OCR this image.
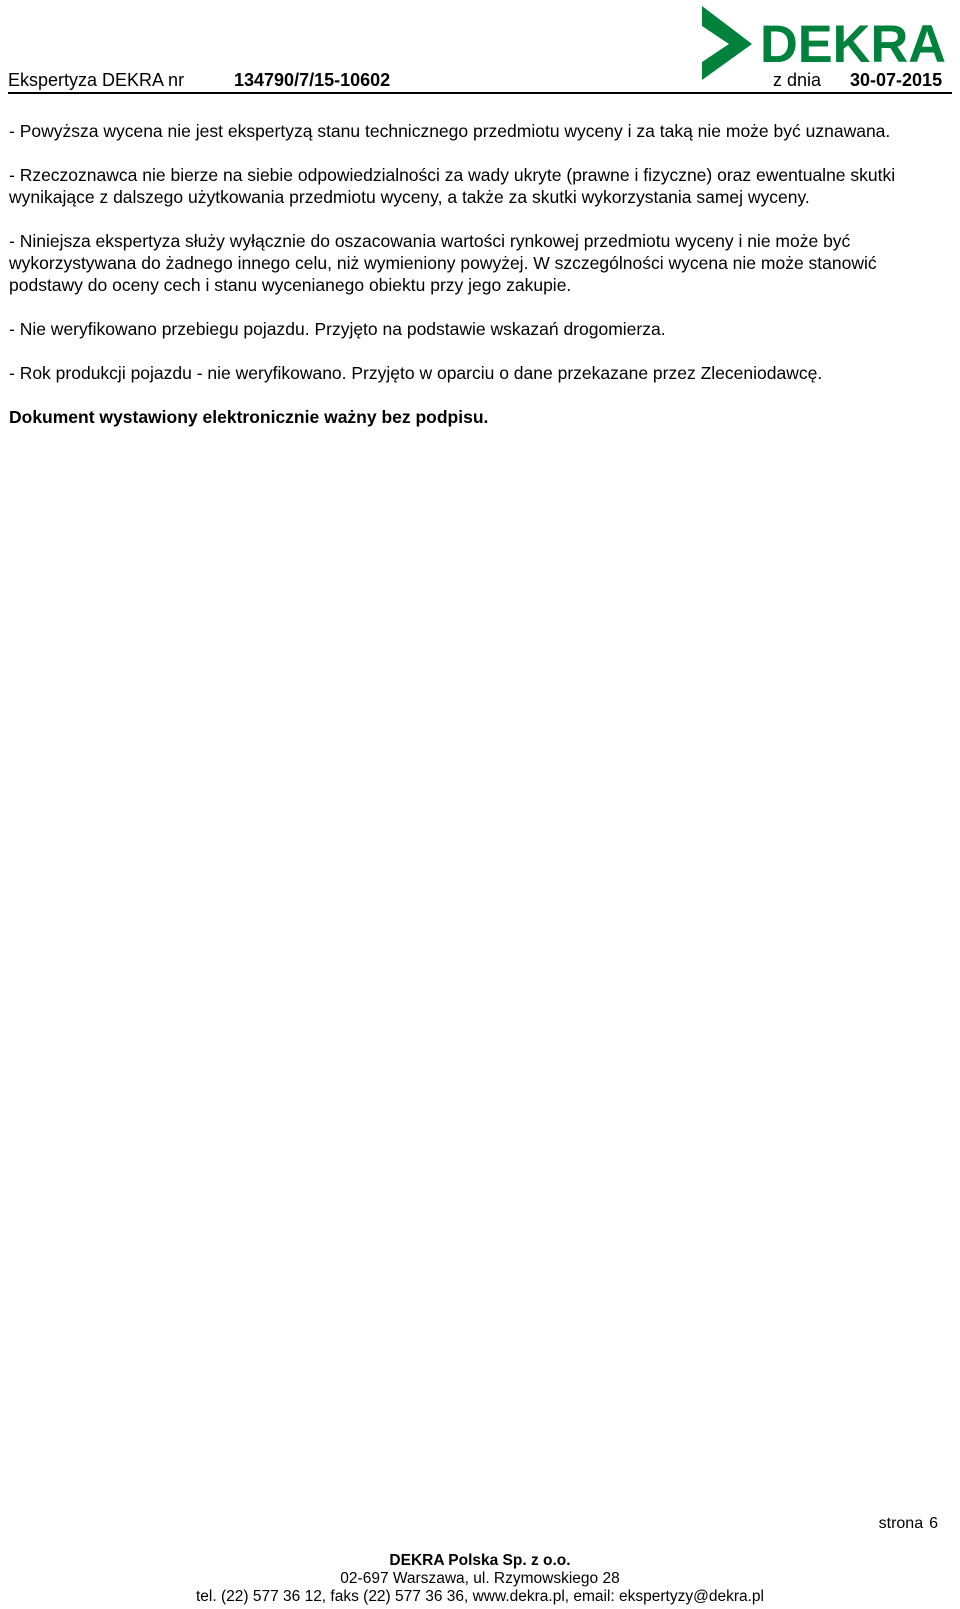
DEKRA
Ekspertyza DEKRA nr	134790/7/15-10602	z dnia 30-07-2015

- Powyższa wycena nie jest ekspertyzą stanu technicznego przedmiotu wyceny i za taką nie może być uznawana.

- Rzeczoznawca nie bierze na siebie odpowiedzialności za wady ukryte (prawne i fizyczne) oraz ewentualne skutki wynikające z dalszego użytkowania przedmiotu wyceny, a także za skutki wykorzystania samej wyceny.

- Niniejsza ekspertyza służy wyłącznie do oszacowania wartości rynkowej przedmiotu wyceny i nie może być wykorzystywana do żadnego innego celu, niż wymieniony powyżej. W szczególności wycena nie może stanowić podstawy do oceny cech i stanu wycenianego obiektu przy jego zakupie.

- Nie weryfikowano przebiegu pojazdu. Przyjęto na podstawie wskazań drogomierza.

- Rok produkcji pojazdu - nie weryfikowano. Przyjęto w oparciu o dane przekazane przez Zleceniodawcę.

Dokument wystawiony elektronicznie ważny bez podpisu.

strona 6
DEKRA Polska Sp. z o.o.
02-697 Warszawa, ul. Rzymowskiego 28
tel. (22) 577 36 12, faks (22) 577 36 36, www.dekra.pl, email: ekspertyzy@dekra.pl
